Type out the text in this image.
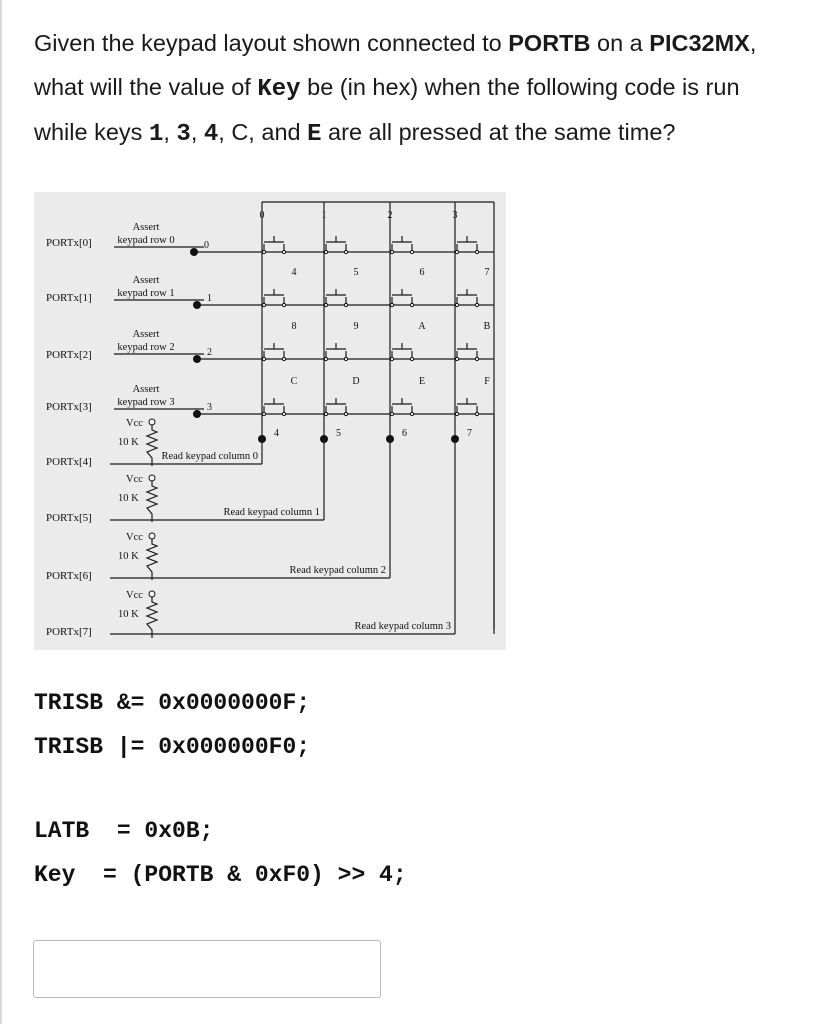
Given the keypad layout shown connected to PORTB on a PIC32MX,
what will the value of Key be (in hex) when the following code is run
while keys 1, 3, 4, C, and E are all pressed at the same time?
0	1	2	3
0
Assert
keypad row 0
1
Assert
keypad row 1
4	5	6	7
2
Assert
keypad row 2
8	9	A	B
3
Assert
keypad row 3
C	D	E	F
PORTx[0]
PORTx[1]
PORTx[2]
PORTx[3]
PORTx[4]
PORTx[5]
PORTx[6]
PORTx[7]
4
Read keypad column 0
5
Read keypad column 1
6
Read keypad column 2
7
Read keypad column 3
Vcc
10 K
Vcc
10 K
Vcc
10 K
Vcc
10 K
TRISB &= 0x0000000F;
TRISB |= 0x000000F0;
LATB  = 0x0B;
Key  = (PORTB & 0xF0) >> 4;
